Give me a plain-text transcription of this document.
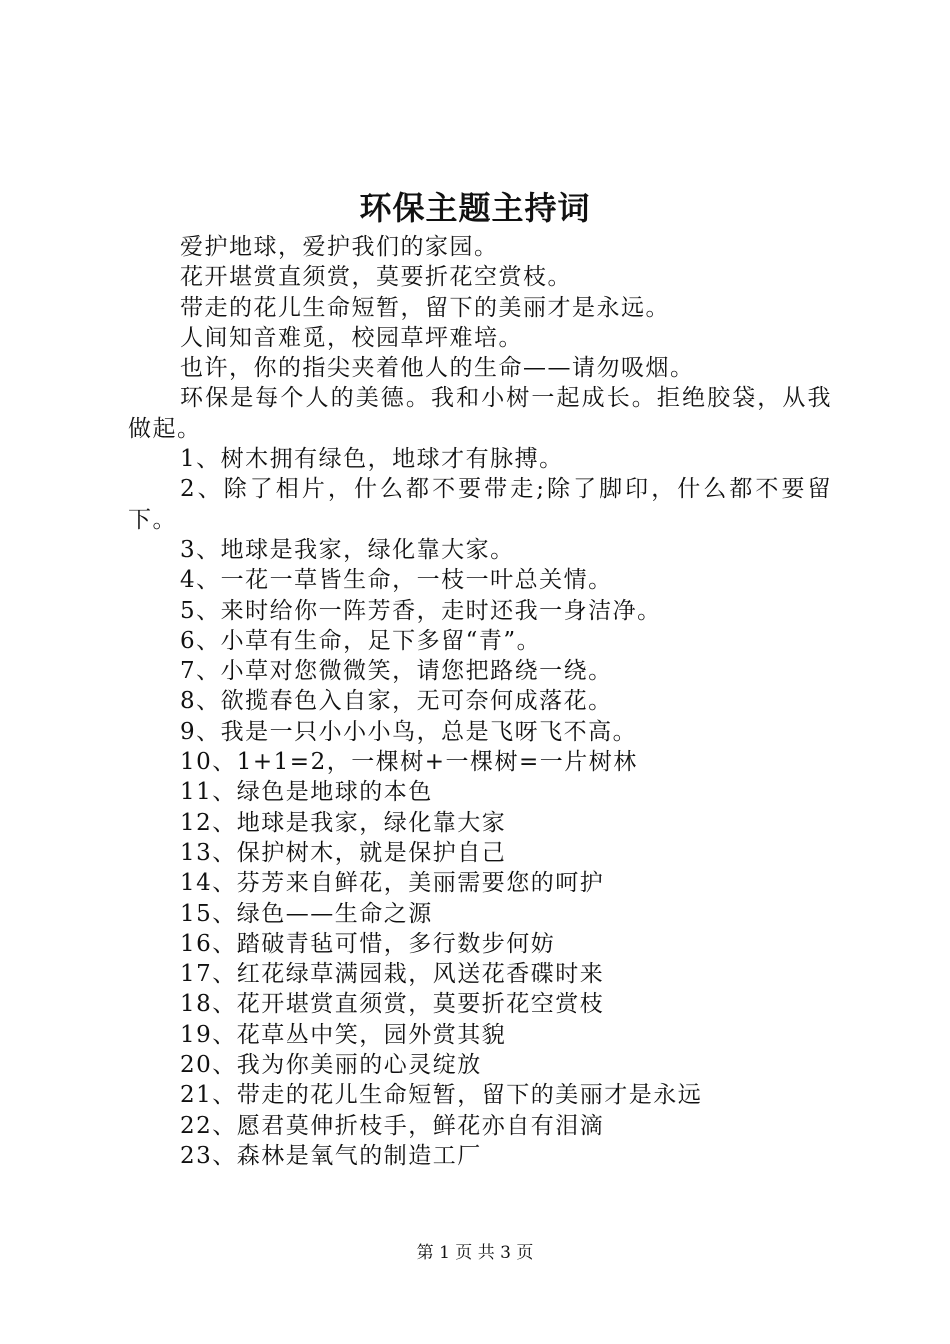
环保主题主持词

爱护地球，爱护我们的家园。

花开堪赏直须赏，莫要折花空赏枝。

带走的花儿生命短暂，留下的美丽才是永远。

人间知音难觅，校园草坪难培。

也许，你的指尖夹着他人的生命——请勿吸烟。

环保是每个人的美德。我和小树一起成长。拒绝胶袋，从我做起。

1、树木拥有绿色，地球才有脉搏。

2、除了相片，什么都不要带走;除了脚印，什么都不要留下。

3、地球是我家，绿化靠大家。

4、一花一草皆生命，一枝一叶总关情。

5、来时给你一阵芳香，走时还我一身洁净。

6、小草有生命，足下多留“青”。

7、小草对您微微笑，请您把路绕一绕。

8、欲揽春色入自家，无可奈何成落花。

9、我是一只小小小鸟，总是飞呀飞不高。

10、1+1=2，一棵树+一棵树=一片树林

11、绿色是地球的本色

12、地球是我家，绿化靠大家

13、保护树木，就是保护自己

14、芬芳来自鲜花，美丽需要您的呵护

15、绿色——生命之源

16、踏破青毡可惜，多行数步何妨

17、红花绿草满园栽，风送花香碟时来

18、花开堪赏直须赏，莫要折花空赏枝

19、花草丛中笑，园外赏其貌

20、我为你美丽的心灵绽放

21、带走的花儿生命短暂，留下的美丽才是永远

22、愿君莫伸折枝手，鲜花亦自有泪滴

23、森林是氧气的制造工厂

第 1 页 共 3 页
